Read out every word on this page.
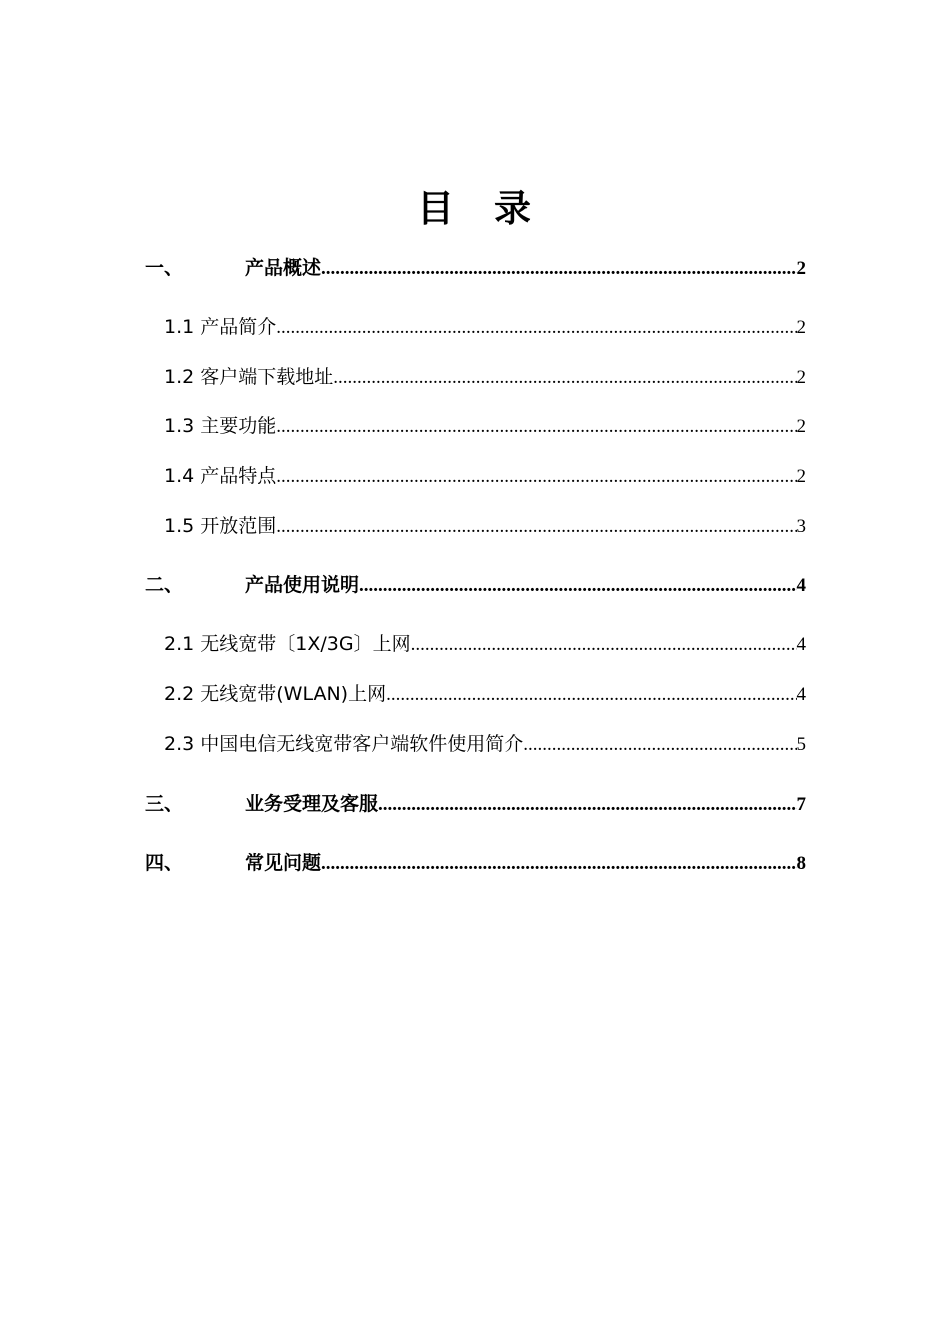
目 录
一、	产品概述 .....	2
1.1 产品简介 .....	2
1.2 客户端下载地址 .....	2
1.3 主要功能 .....	2
1.4 产品特点 .....	2
1.5 开放范围 .....	3
二、	产品使用说明 .....	4
2.1 无线宽带〔1X/3G〕上网 .....	4
2.2 无线宽带(WLAN)上网 .....	4
2.3 中国电信无线宽带客户端软件使用简介 .....	5
三、	业务受理及客服 .....	7
四、	常见问题 .....	8
